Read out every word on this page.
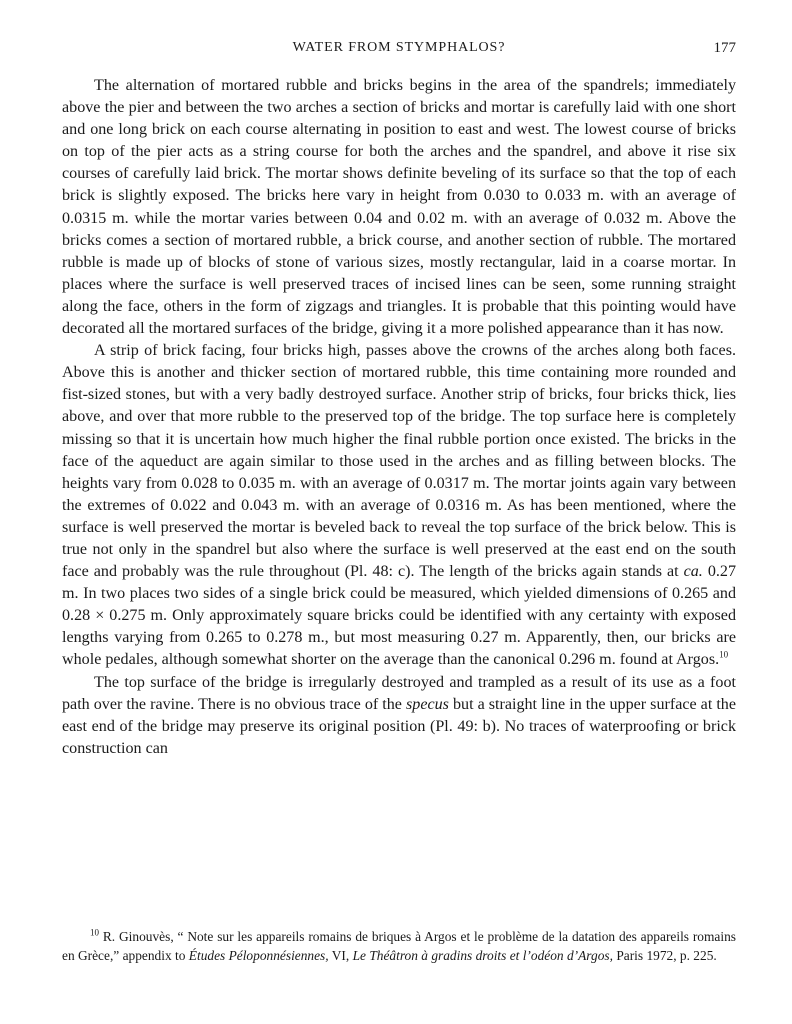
WATER FROM STYMPHALOS?	177

The alternation of mortared rubble and bricks begins in the area of the spandrels; immediately above the pier and between the two arches a section of bricks and mortar is carefully laid with one short and one long brick on each course alternating in position to east and west. The lowest course of bricks on top of the pier acts as a string course for both the arches and the spandrel, and above it rise six courses of carefully laid brick. The mortar shows definite beveling of its surface so that the top of each brick is slightly exposed. The bricks here vary in height from 0.030 to 0.033 m. with an average of 0.0315 m. while the mortar varies between 0.04 and 0.02 m. with an average of 0.032 m. Above the bricks comes a section of mortared rubble, a brick course, and another section of rubble. The mortared rubble is made up of blocks of stone of various sizes, mostly rectangular, laid in a coarse mortar. In places where the surface is well preserved traces of incised lines can be seen, some running straight along the face, others in the form of zigzags and triangles. It is probable that this pointing would have decorated all the mortared surfaces of the bridge, giving it a more polished appearance than it has now.

A strip of brick facing, four bricks high, passes above the crowns of the arches along both faces. Above this is another and thicker section of mortared rubble, this time containing more rounded and fist-sized stones, but with a very badly destroyed surface. Another strip of bricks, four bricks thick, lies above, and over that more rubble to the preserved top of the bridge. The top surface here is completely missing so that it is uncertain how much higher the final rubble portion once existed. The bricks in the face of the aqueduct are again similar to those used in the arches and as filling between blocks. The heights vary from 0.028 to 0.035 m. with an average of 0.0317 m. The mortar joints again vary between the extremes of 0.022 and 0.043 m. with an average of 0.0316 m. As has been mentioned, where the surface is well preserved the mortar is beveled back to reveal the top surface of the brick below. This is true not only in the spandrel but also where the surface is well preserved at the east end on the south face and probably was the rule throughout (Pl. 48: c). The length of the bricks again stands at ca. 0.27 m. In two places two sides of a single brick could be measured, which yielded dimensions of 0.265 and 0.28 × 0.275 m. Only approximately square bricks could be identified with any certainty with exposed lengths varying from 0.265 to 0.278 m., but most measuring 0.27 m. Apparently, then, our bricks are whole pedales, although somewhat shorter on the average than the canonical 0.296 m. found at Argos.$^{10}$

The top surface of the bridge is irregularly destroyed and trampled as a result of its use as a foot path over the ravine. There is no obvious trace of the specus but a straight line in the upper surface at the east end of the bridge may preserve its original position (Pl. 49: b). No traces of waterproofing or brick construction can

$^{10}$ R. Ginouvès, “ Note sur les appareils romains de briques à Argos et le problème de la datation des appareils romains en Grèce,” appendix to Études Péloponnésiennes, VI, Le Théâtron à gradins droits et l’odéon d’Argos, Paris 1972, p. 225.
